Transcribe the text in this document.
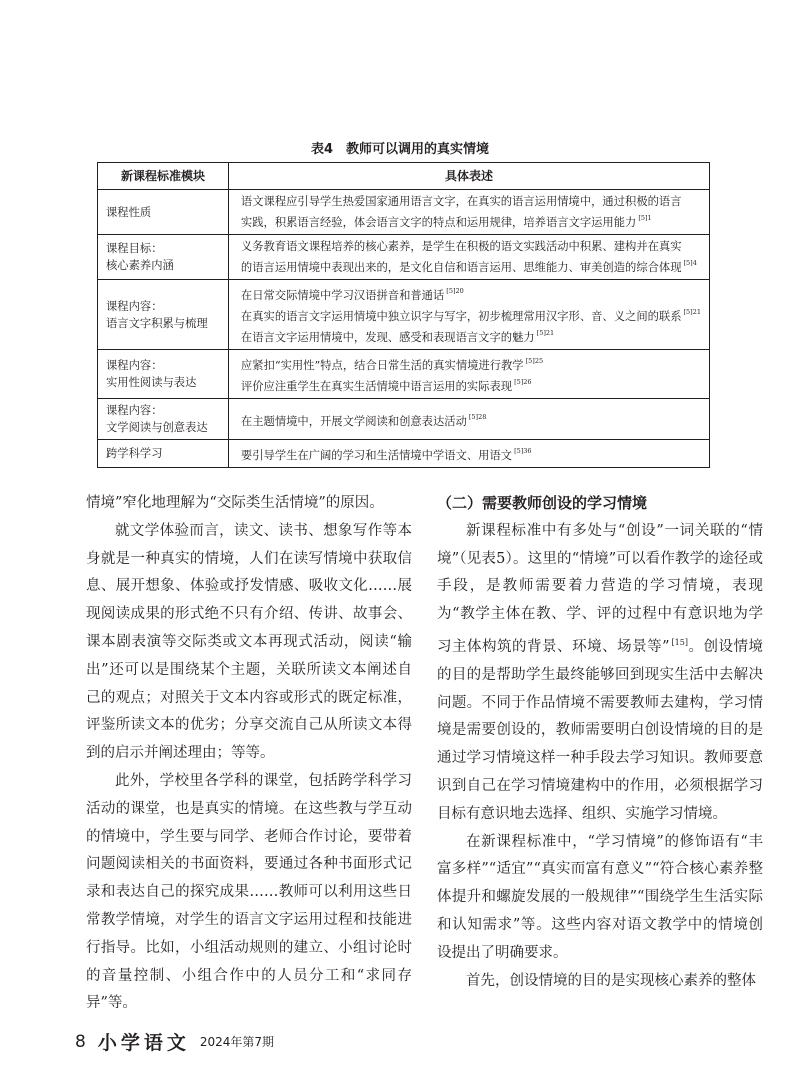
表4　教师可以调用的真实情境
新课程标准模块	具体表述

课程性质	语文课程应引导学生热爱国家通用语言文字，在真实的语言运用情境中，通过积极的语言
实践，积累语言经验，体会语言文字的特点和运用规律，培养语言文字运用能力 $^{[5]1}$

课程目标：
核心素养内涵	义务教育语文课程培养的核心素养，是学生在积极的语文实践活动中积累、建构并在真实
的语言运用情境中表现出来的，是文化自信和语言运用、思维能力、审美创造的综合体现 $^{[5]4}$

课程内容：
语言文字积累与梳理	在日常交际情境中学习汉语拼音和普通话 $^{[5]20}$
在真实的语言文字运用情境中独立识字与写字，初步梳理常用汉字形、音、义之间的联系 $^{[5]21}$
在语言文字运用情境中，发现、感受和表现语言文字的魅力 $^{[5]21}$

课程内容：
实用性阅读与表达	应紧扣“实用性”特点，结合日常生活的真实情境进行教学 $^{[5]25}$
评价应注重学生在真实生活情境中语言运用的实际表现 $^{[5]26}$

课程内容：
文学阅读与创意表达	在主题情境中，开展文学阅读和创意表达活动 $^{[5]28}$

跨学科学习	要引导学生在广阔的学习和生活情境中学语文、用语文 $^{[5]36}$

情境”窄化地理解为“交际类生活情境”的原因。

就文学体验而言，读文、读书、想象写作等本身就是一种真实的情境，人们在读写情境中获取信息、展开想象、体验或抒发情感、吸收文化……展现阅读成果的形式绝不只有介绍、传讲、故事会、课本剧表演等交际类或文本再现式活动，阅读“输出”还可以是围绕某个主题，关联所读文本阐述自己的观点；对照关于文本内容或形式的既定标准，评鉴所读文本的优劣；分享交流自己从所读文本得到的启示并阐述理由；等等。

此外，学校里各学科的课堂，包括跨学科学习活动的课堂，也是真实的情境。在这些教与学互动的情境中，学生要与同学、老师合作讨论，要带着问题阅读相关的书面资料，要通过各种书面形式记录和表达自己的探究成果……教师可以利用这些日常教学情境，对学生的语言文字运用过程和技能进行指导。比如，小组活动规则的建立、小组讨论时的音量控制、小组合作中的人员分工和“求同存异”等。

（二）需要教师创设的学习情境

新课程标准中有多处与“创设”一词关联的“情境”（见表5）。这里的“情境”可以看作教学的途径或手段，是教师需要着力营造的学习情境，表现为“教学主体在教、学、评的过程中有意识地为学习主体构筑的背景、环境、场景等” [15]。创设情境的目的是帮助学生最终能够回到现实生活中去解决问题。不同于作品情境不需要教师去建构，学习情境是需要创设的，教师需要明白创设情境的目的是通过学习情境这样一种手段去学习知识。教师要意识到自己在学习情境建构中的作用，必须根据学习目标有意识地去选择、组织、实施学习情境。

在新课程标准中，“学习情境”的修饰语有“丰富多样”“适宜”“真实而富有意义”“符合核心素养整体提升和螺旋发展的一般规律”“围绕学生生活实际和认知需求”等。这些内容对语文教学中的情境创设提出了明确要求。

首先，创设情境的目的是实现核心素养的整体

8 小学语文 2024年第7期
